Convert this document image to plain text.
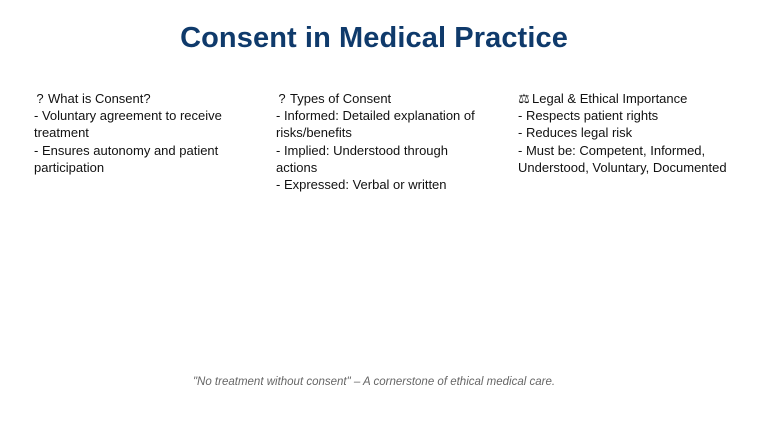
Consent in Medical Practice
? What is Consent?
- Voluntary agreement to receive treatment
- Ensures autonomy and patient participation
? Types of Consent
- Informed: Detailed explanation of risks/benefits
- Implied: Understood through actions
- Expressed: Verbal or written
⚖ Legal & Ethical Importance
- Respects patient rights
- Reduces legal risk
- Must be: Competent, Informed, Understood, Voluntary, Documented
"No treatment without consent" – A cornerstone of ethical medical care.
